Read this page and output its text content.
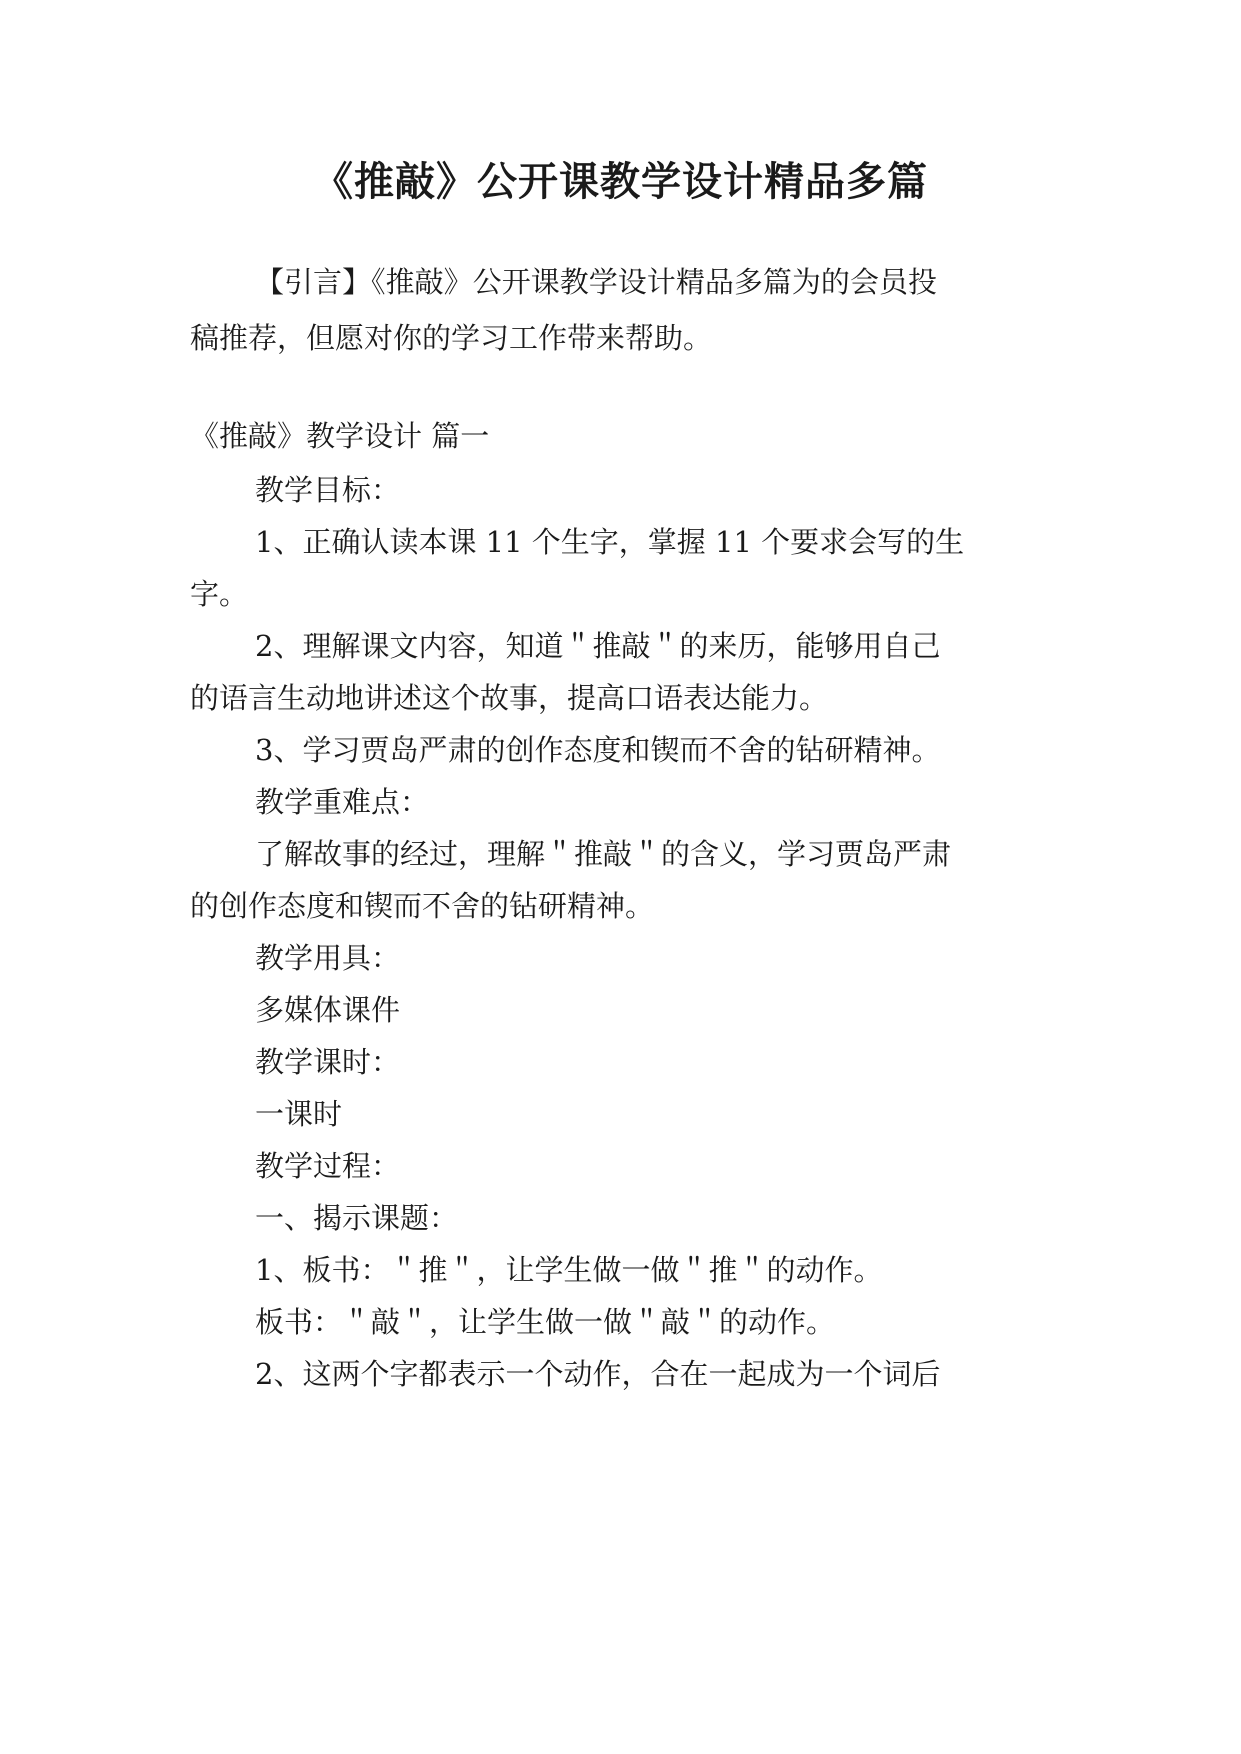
《推敲》公开课教学设计精品多篇
【引言】《推敲》公开课教学设计精品多篇为的会员投
稿推荐，但愿对你的学习工作带来帮助。
《推敲》教学设计 篇一
教学目标：
1、正确认读本课 11 个生字，掌握 11 个要求会写的生
字。
2、理解课文内容，知道＂推敲＂的来历，能够用自己
的语言生动地讲述这个故事，提高口语表达能力。
3、学习贾岛严肃的创作态度和锲而不舍的钻研精神。
教学重难点：
了解故事的经过，理解＂推敲＂的含义，学习贾岛严肃
的创作态度和锲而不舍的钻研精神。
教学用具：
多媒体课件
教学课时：
一课时
教学过程：
一、揭示课题：
1、板书：＂推＂，让学生做一做＂推＂的动作。
板书：＂敲＂，让学生做一做＂敲＂的动作。
2、这两个字都表示一个动作，合在一起成为一个词后
